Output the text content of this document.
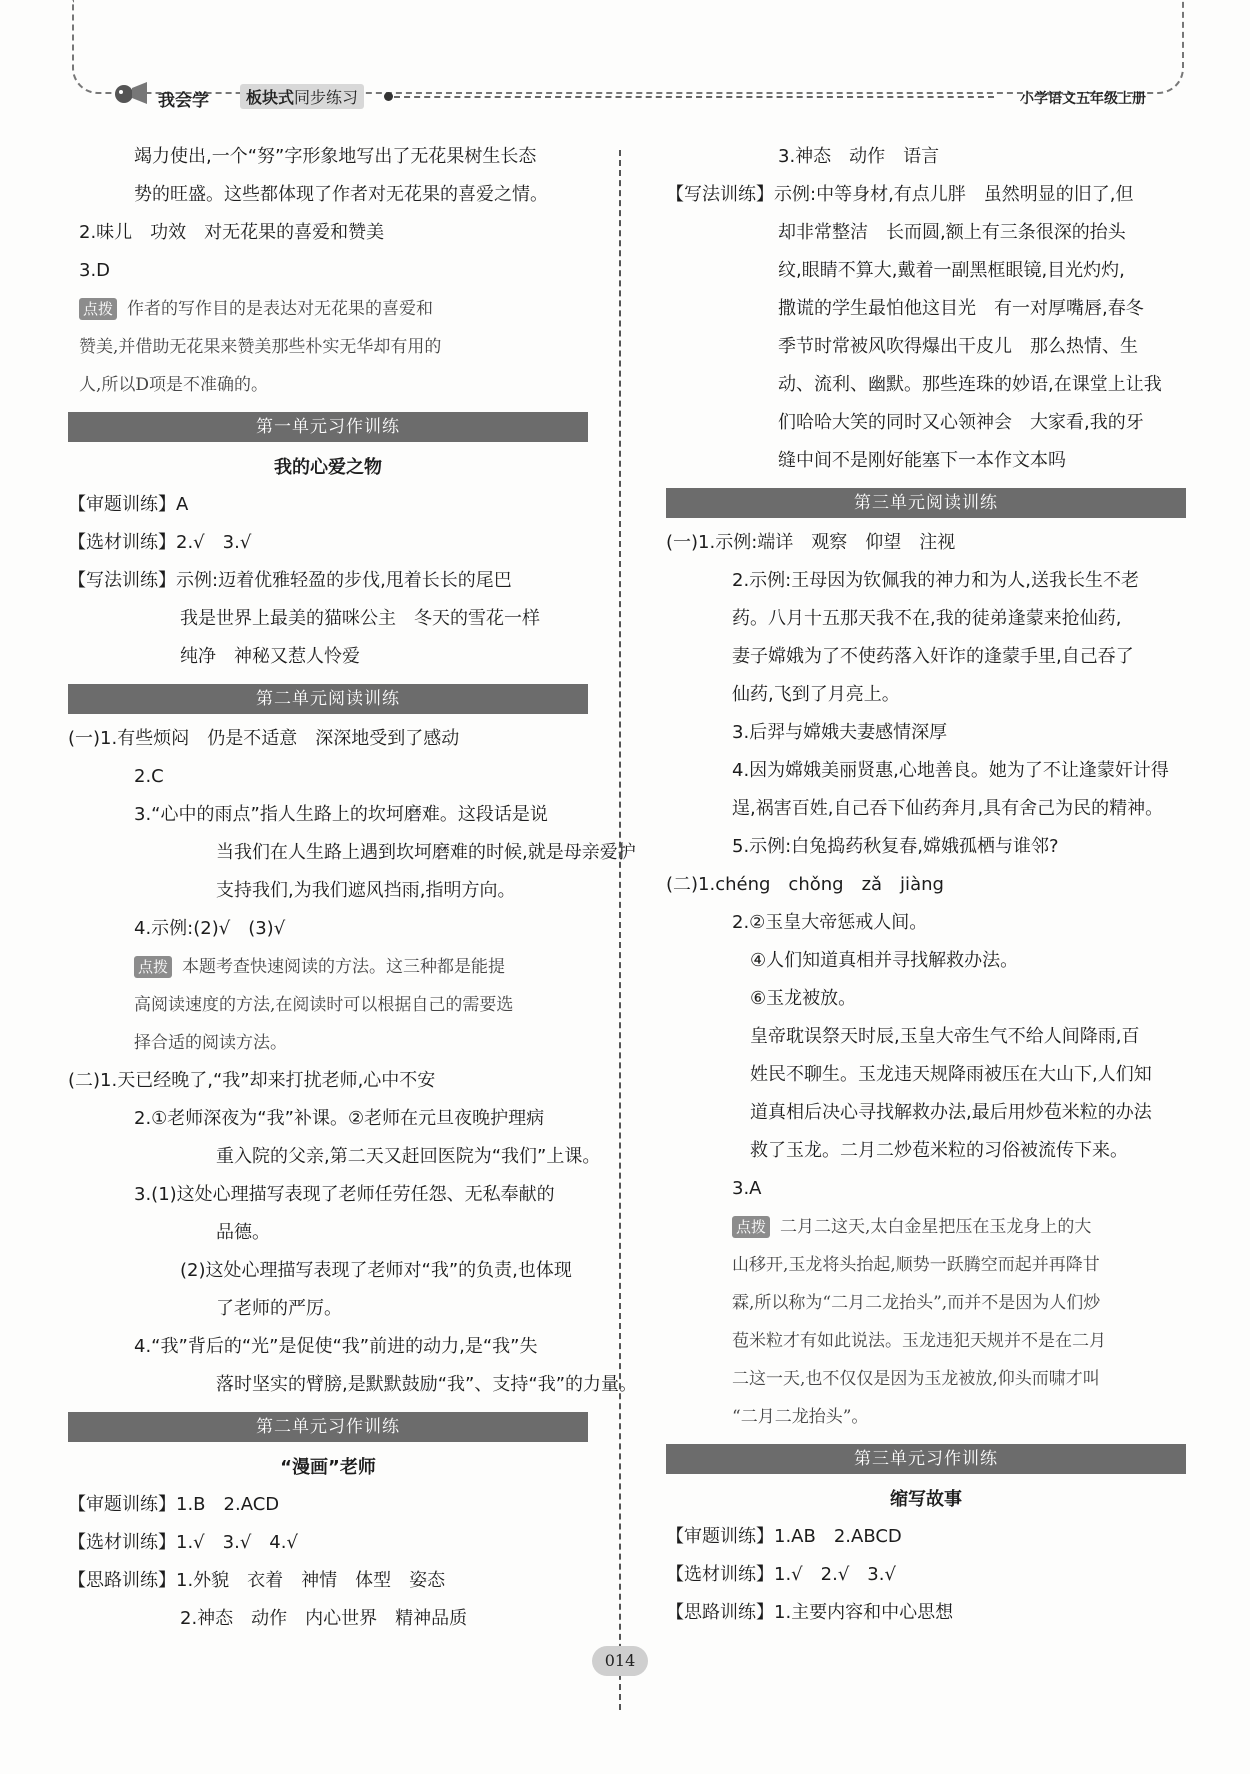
我会学	板块式同步练习	小学语文五年级上册
竭力使出,一个“努”字形象地写出了无花果树生长态
势的旺盛。这些都体现了作者对无花果的喜爱之情。
2.味儿　功效　对无花果的喜爱和赞美
3.D
点拨 作者的写作目的是表达对无花果的喜爱和
赞美,并借助无花果来赞美那些朴实无华却有用的
人,所以D项是不准确的。
第一单元习作训练
我的心爱之物
【审题训练】A
【选材训练】2.√　3.√
【写法训练】示例:迈着优雅轻盈的步伐,甩着长长的尾巴
我是世界上最美的猫咪公主　冬天的雪花一样
纯净　神秘又惹人怜爱
第二单元阅读训练
(一)1.有些烦闷　仍是不适意　深深地受到了感动
2.C
3.“心中的雨点”指人生路上的坎坷磨难。这段话是说
当我们在人生路上遇到坎坷磨难的时候,就是母亲爱护
支持我们,为我们遮风挡雨,指明方向。
4.示例:(2)√　(3)√
点拨 本题考查快速阅读的方法。这三种都是能提
高阅读速度的方法,在阅读时可以根据自己的需要选
择合适的阅读方法。
(二)1.天已经晚了,“我”却来打扰老师,心中不安
2.①老师深夜为“我”补课。②老师在元旦夜晚护理病
重入院的父亲,第二天又赶回医院为“我们”上课。
3.(1)这处心理描写表现了老师任劳任怨、无私奉献的
品德。
(2)这处心理描写表现了老师对“我”的负责,也体现
了老师的严厉。
4.“我”背后的“光”是促使“我”前进的动力,是“我”失
落时坚实的臂膀,是默默鼓励“我”、支持“我”的力量。
第二单元习作训练
“漫画”老师
【审题训练】1.B　2.ACD
【选材训练】1.√　3.√　4.√
【思路训练】1.外貌　衣着　神情　体型　姿态
2.神态　动作　内心世界　精神品质
3.神态　动作　语言
【写法训练】示例:中等身材,有点儿胖　虽然明显的旧了,但
却非常整洁　长而圆,额上有三条很深的抬头
纹,眼睛不算大,戴着一副黑框眼镜,目光灼灼,
撒谎的学生最怕他这目光　有一对厚嘴唇,春冬
季节时常被风吹得爆出干皮儿　那么热情、生
动、流利、幽默。那些连珠的妙语,在课堂上让我
们哈哈大笑的同时又心领神会　大家看,我的牙
缝中间不是刚好能塞下一本作文本吗
第三单元阅读训练
(一)1.示例:端详　观察　仰望　注视
2.示例:王母因为钦佩我的神力和为人,送我长生不老
药。八月十五那天我不在,我的徒弟逢蒙来抢仙药,
妻子嫦娥为了不使药落入奸诈的逢蒙手里,自己吞了
仙药,飞到了月亮上。
3.后羿与嫦娥夫妻感情深厚
4.因为嫦娥美丽贤惠,心地善良。她为了不让逢蒙奸计得
逞,祸害百姓,自己吞下仙药奔月,具有舍己为民的精神。
5.示例:白兔捣药秋复春,嫦娥孤栖与谁邻?
(二)1.chéng　chǒng　zǎ　jiàng
2.②玉皇大帝惩戒人间。
　④人们知道真相并寻找解救办法。
　⑥玉龙被放。
　皇帝耽误祭天时辰,玉皇大帝生气不给人间降雨,百
　姓民不聊生。玉龙违天规降雨被压在大山下,人们知
　道真相后决心寻找解救办法,最后用炒苞米粒的办法
　救了玉龙。二月二炒苞米粒的习俗被流传下来。
3.A
点拨 二月二这天,太白金星把压在玉龙身上的大
山移开,玉龙将头抬起,顺势一跃腾空而起并再降甘
霖,所以称为“二月二龙抬头”,而并不是因为人们炒
苞米粒才有如此说法。玉龙违犯天规并不是在二月
二这一天,也不仅仅是因为玉龙被放,仰头而啸才叫
“二月二龙抬头”。
第三单元习作训练
缩写故事
【审题训练】1.AB　2.ABCD
【选材训练】1.√　2.√　3.√
【思路训练】1.主要内容和中心思想
014
